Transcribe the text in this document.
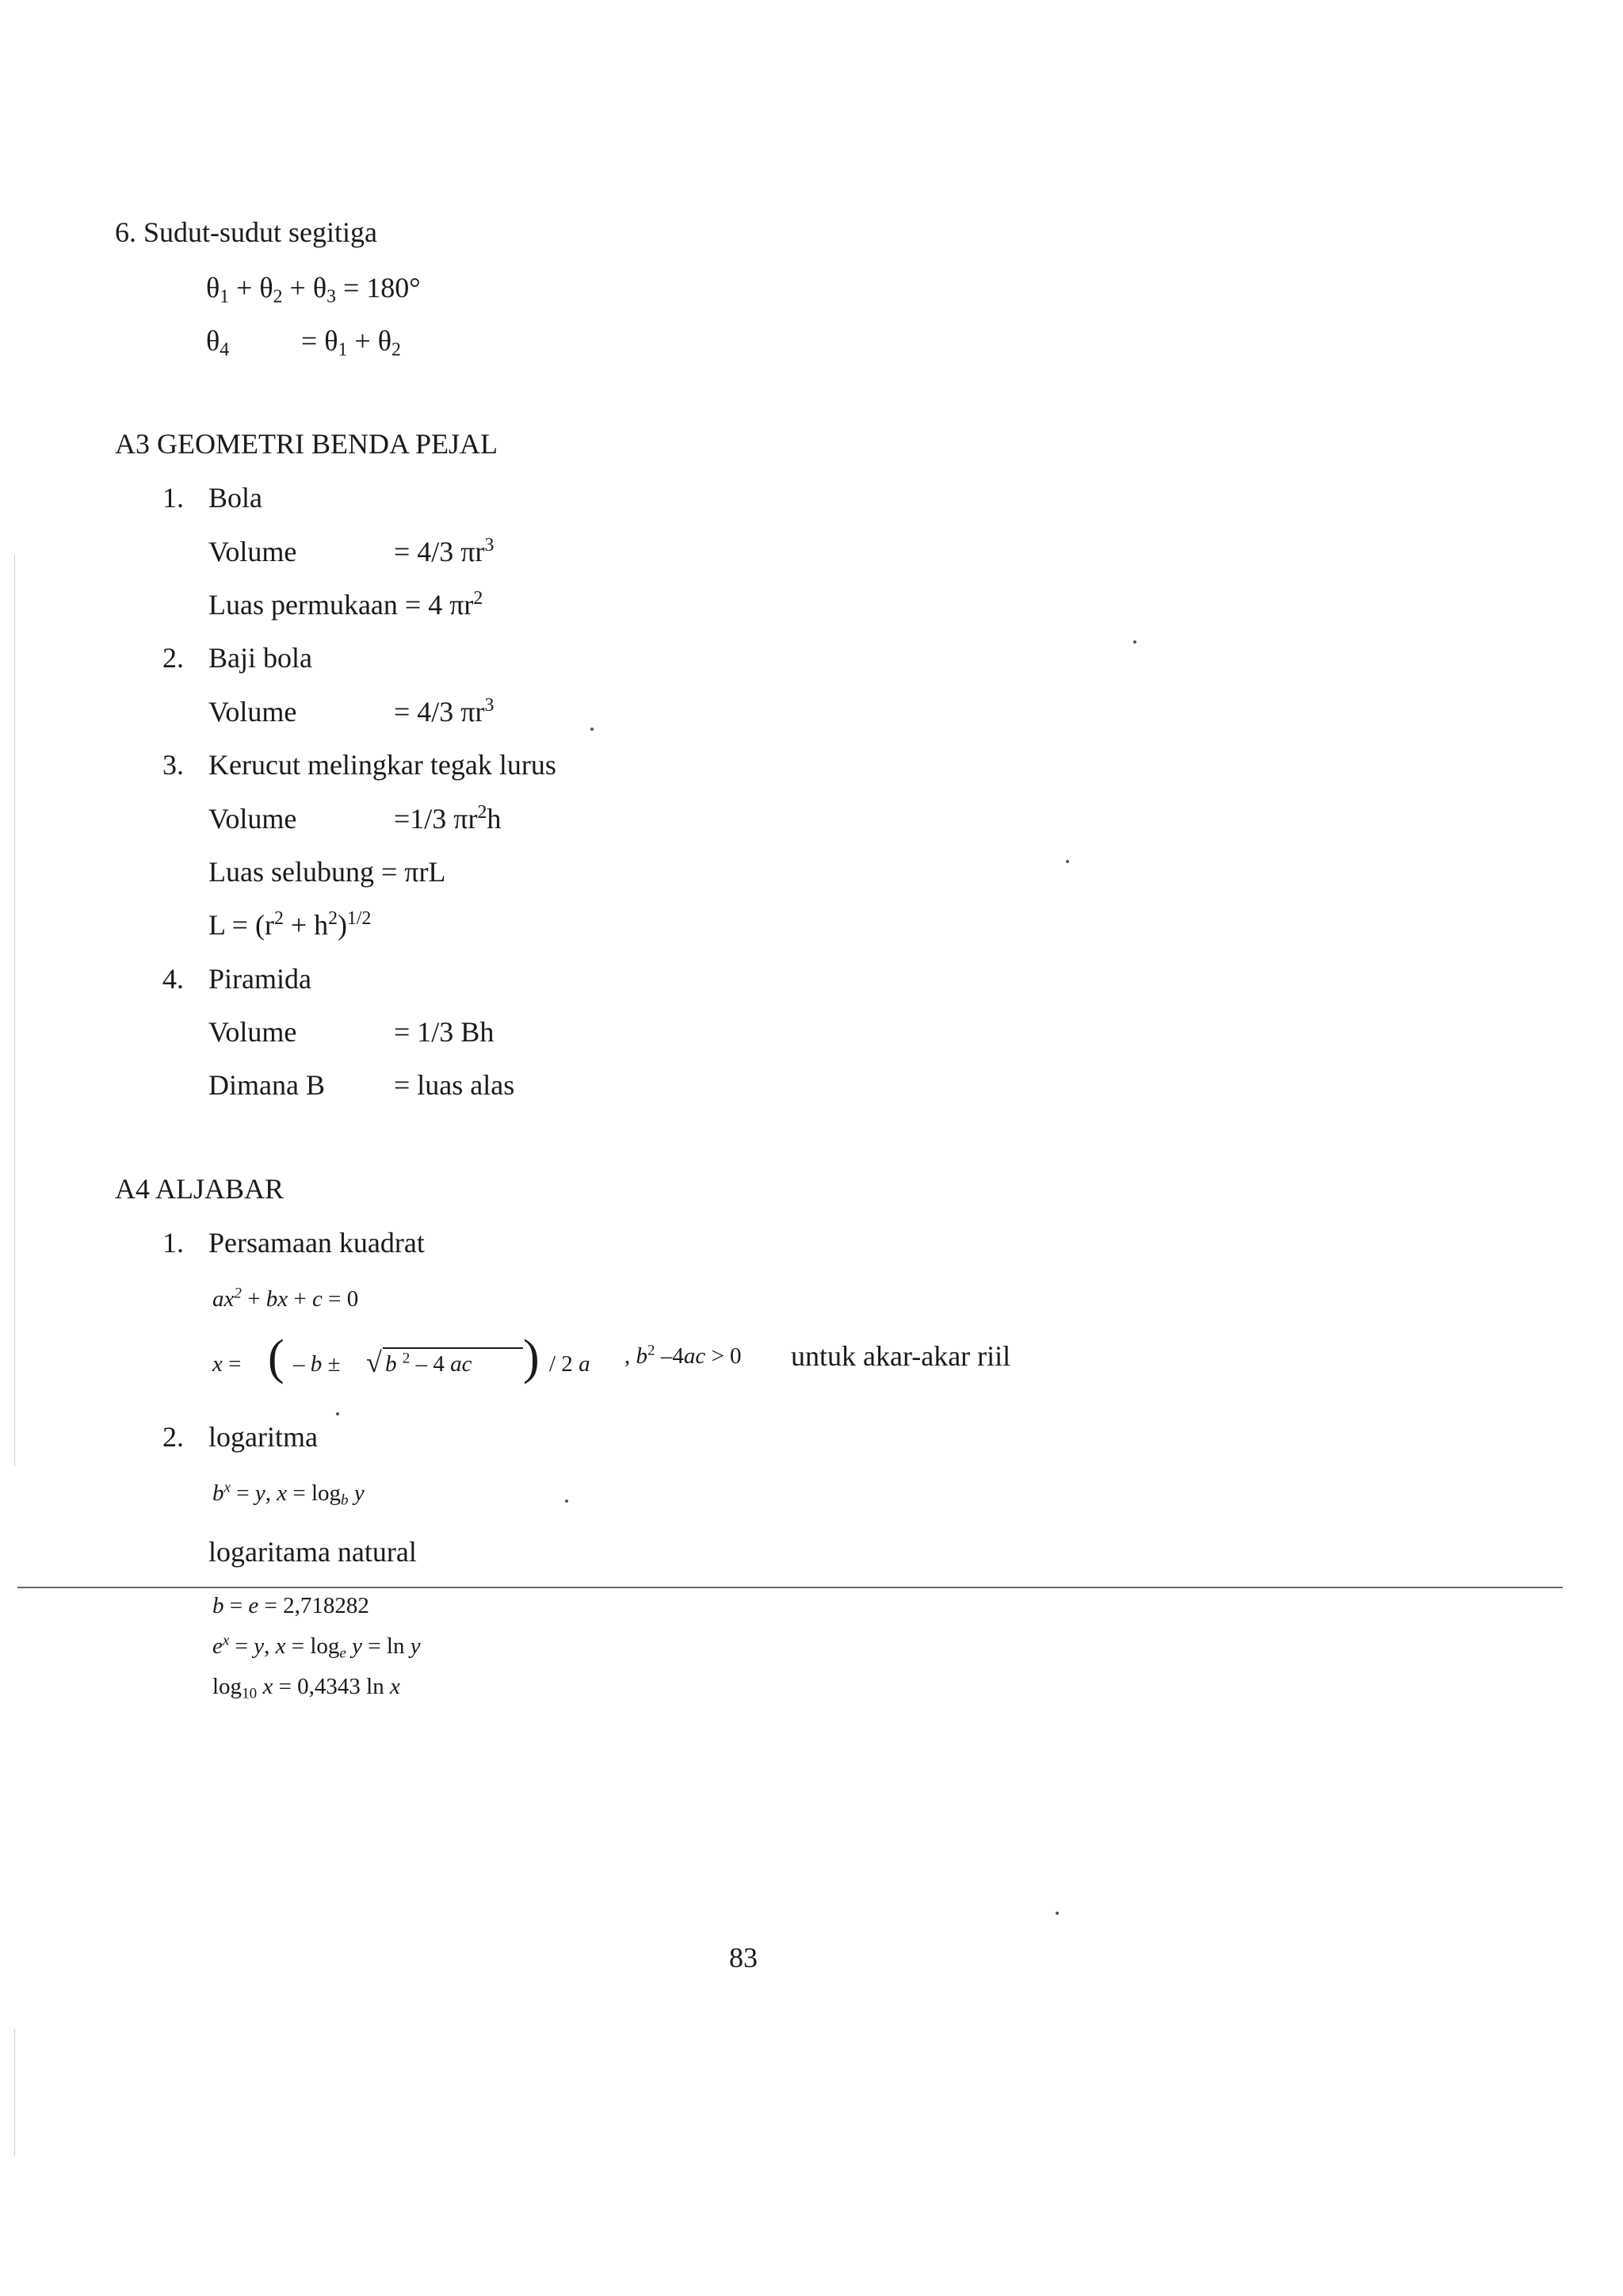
6. Sudut-sudut segitiga
$\theta_1 + \theta_2 + \theta_3 = 180^\circ$
$\theta_4$	= $\theta_1 + \theta_2$
A3 GEOMETRI BENDA PEJAL
1. Bola
Volume	= 4/3 $\pi r^3$
Luas permukaan = 4 $\pi r^2$
2. Baji bola
Volume	= 4/3 $\pi r^3$
3. Kerucut melingkar tegak lurus
Volume	=1/3 $\pi r^2h$
Luas selubung = πrL
$L = (r^2 + h^2)^{1/2}$
4. Piramida
Volume	= 1/3 Bh
Dimana B = luas alas
A4 ALJABAR
1. Persamaan kuadrat
$ax^2$ + bx + c = 0
x = ( – b ± √ b $^2$ – 4 ac ) / 2 a , $b^2$ –4ac > 0 untuk akar-akar riil
2. logaritma
$b^x = y$, $x = \log_b y$
logaritama natural
b = e = 2,718282
$e^x = y$, $x = \log_e y = \ln y$
$\log_{10} x = 0,4343$ ln x
83
